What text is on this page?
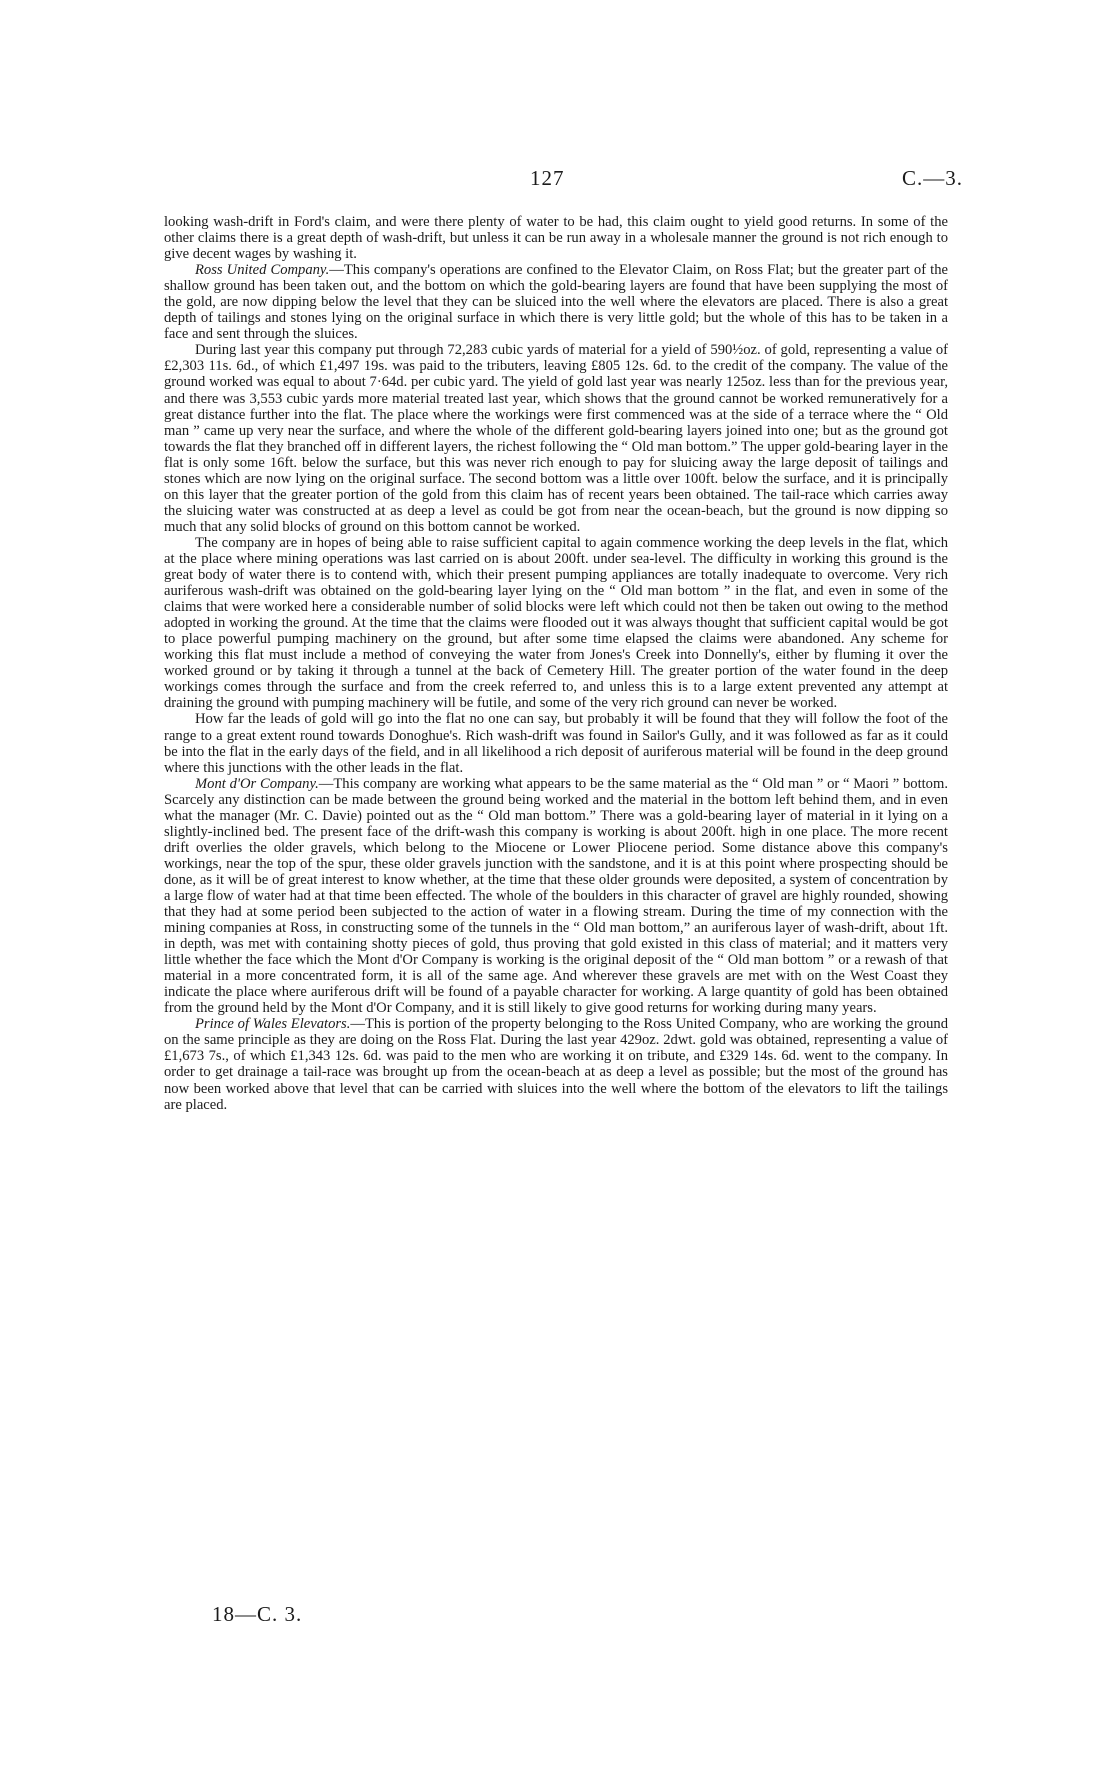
127	C.—3.

looking wash-drift in Ford's claim, and were there plenty of water to be had, this claim ought to yield good returns. In some of the other claims there is a great depth of wash-drift, but unless it can be run away in a wholesale manner the ground is not rich enough to give decent wages by washing it.

Ross United Company.—This company's operations are confined to the Elevator Claim, on Ross Flat; but the greater part of the shallow ground has been taken out, and the bottom on which the gold-bearing layers are found that have been supplying the most of the gold, are now dipping below the level that they can be sluiced into the well where the elevators are placed. There is also a great depth of tailings and stones lying on the original surface in which there is very little gold; but the whole of this has to be taken in a face and sent through the sluices.

During last year this company put through 72,283 cubic yards of material for a yield of 590½oz. of gold, representing a value of £2,303 11s. 6d., of which £1,497 19s. was paid to the tributers, leaving £805 12s. 6d. to the credit of the company. The value of the ground worked was equal to about 7·64d. per cubic yard. The yield of gold last year was nearly 125oz. less than for the previous year, and there was 3,553 cubic yards more material treated last year, which shows that the ground cannot be worked remuneratively for a great distance further into the flat. The place where the workings were first commenced was at the side of a terrace where the “ Old man ” came up very near the surface, and where the whole of the different gold-bearing layers joined into one; but as the ground got towards the flat they branched off in different layers, the richest following the “ Old man bottom.” The upper gold-bearing layer in the flat is only some 16ft. below the surface, but this was never rich enough to pay for sluicing away the large deposit of tailings and stones which are now lying on the original surface. The second bottom was a little over 100ft. below the surface, and it is principally on this layer that the greater portion of the gold from this claim has of recent years been obtained. The tail-race which carries away the sluicing water was constructed at as deep a level as could be got from near the ocean-beach, but the ground is now dipping so much that any solid blocks of ground on this bottom cannot be worked.

The company are in hopes of being able to raise sufficient capital to again commence working the deep levels in the flat, which at the place where mining operations was last carried on is about 200ft. under sea-level. The difficulty in working this ground is the great body of water there is to contend with, which their present pumping appliances are totally inadequate to overcome. Very rich auriferous wash-drift was obtained on the gold-bearing layer lying on the “ Old man bottom ” in the flat, and even in some of the claims that were worked here a considerable number of solid blocks were left which could not then be taken out owing to the method adopted in working the ground. At the time that the claims were flooded out it was always thought that sufficient capital would be got to place powerful pumping machinery on the ground, but after some time elapsed the claims were abandoned. Any scheme for working this flat must include a method of conveying the water from Jones's Creek into Donnelly's, either by fluming it over the worked ground or by taking it through a tunnel at the back of Cemetery Hill. The greater portion of the water found in the deep workings comes through the surface and from the creek referred to, and unless this is to a large extent prevented any attempt at draining the ground with pumping machinery will be futile, and some of the very rich ground can never be worked.

How far the leads of gold will go into the flat no one can say, but probably it will be found that they will follow the foot of the range to a great extent round towards Donoghue's. Rich wash-drift was found in Sailor's Gully, and it was followed as far as it could be into the flat in the early days of the field, and in all likelihood a rich deposit of auriferous material will be found in the deep ground where this junctions with the other leads in the flat.

Mont d'Or Company.—This company are working what appears to be the same material as the “ Old man ” or “ Maori ” bottom. Scarcely any distinction can be made between the ground being worked and the material in the bottom left behind them, and in even what the manager (Mr. C. Davie) pointed out as the “ Old man bottom.” There was a gold-bearing layer of material in it lying on a slightly-inclined bed. The present face of the drift-wash this company is working is about 200ft. high in one place. The more recent drift overlies the older gravels, which belong to the Miocene or Lower Pliocene period. Some distance above this company's workings, near the top of the spur, these older gravels junction with the sandstone, and it is at this point where prospecting should be done, as it will be of great interest to know whether, at the time that these older grounds were deposited, a system of concentration by a large flow of water had at that time been effected. The whole of the boulders in this character of gravel are highly rounded, showing that they had at some period been subjected to the action of water in a flowing stream. During the time of my connection with the mining companies at Ross, in constructing some of the tunnels in the “ Old man bottom,” an auriferous layer of wash-drift, about 1ft. in depth, was met with containing shotty pieces of gold, thus proving that gold existed in this class of material; and it matters very little whether the face which the Mont d'Or Company is working is the original deposit of the “ Old man bottom ” or a rewash of that material in a more concentrated form, it is all of the same age. And wherever these gravels are met with on the West Coast they indicate the place where auriferous drift will be found of a payable character for working. A large quantity of gold has been obtained from the ground held by the Mont d'Or Company, and it is still likely to give good returns for working during many years.

Prince of Wales Elevators.—This is portion of the property belonging to the Ross United Company, who are working the ground on the same principle as they are doing on the Ross Flat. During the last year 429oz. 2dwt. gold was obtained, representing a value of £1,673 7s., of which £1,343 12s. 6d. was paid to the men who are working it on tribute, and £329 14s. 6d. went to the company. In order to get drainage a tail-race was brought up from the ocean-beach at as deep a level as possible; but the most of the ground has now been worked above that level that can be carried with sluices into the well where the bottom of the elevators to lift the tailings are placed.

18—C. 3.
